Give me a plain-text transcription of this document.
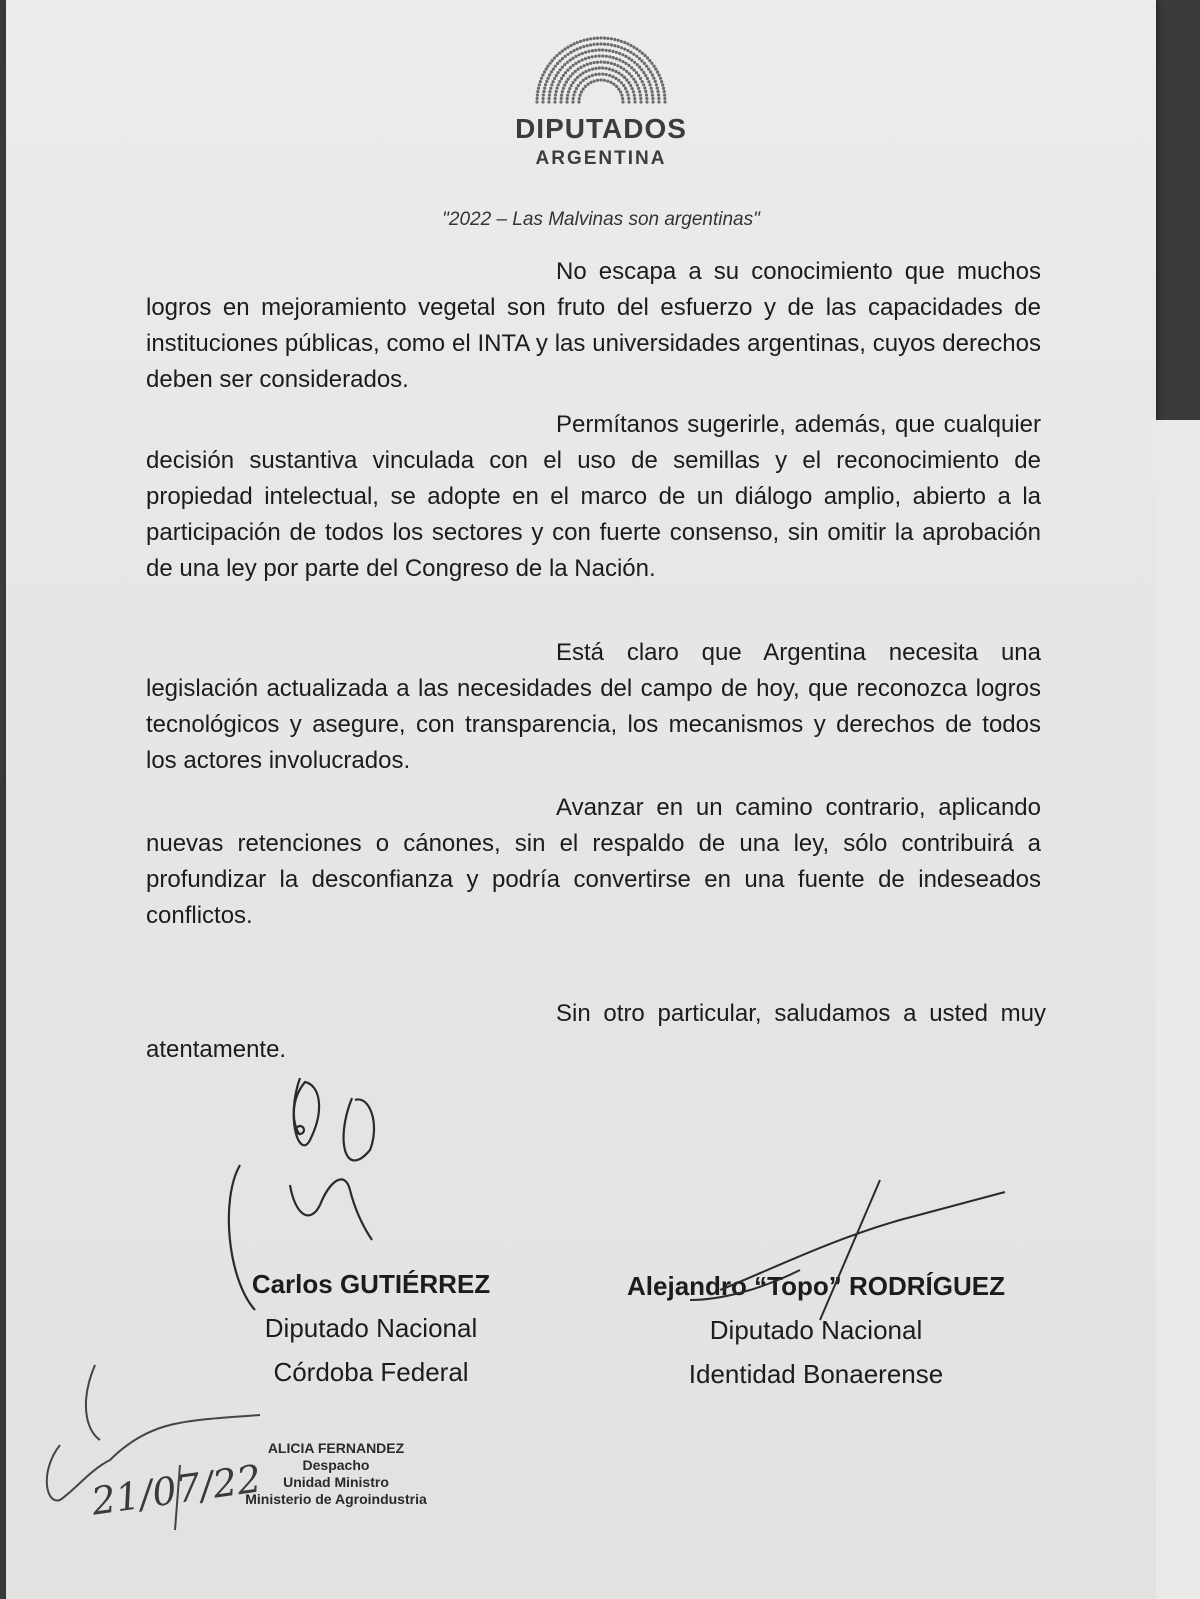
DIPUTADOS
ARGENTINA
"2022 – Las Malvinas son argentinas"

No escapa a su conocimiento que muchos logros en mejoramiento vegetal son fruto del esfuerzo y de las capacidades de instituciones públicas, como el INTA y las universidades argentinas, cuyos derechos deben ser considerados.

Permítanos sugerirle, además, que cualquier decisión sustantiva vinculada con el uso de semillas y el reconocimiento de propiedad intelectual, se adopte en el marco de un diálogo amplio, abierto a la participación de todos los sectores y con fuerte consenso, sin omitir la aprobación de una ley por parte del Congreso de la Nación.

Está claro que Argentina necesita una legislación actualizada a las necesidades del campo de hoy, que reconozca logros tecnológicos y asegure, con transparencia, los mecanismos y derechos de todos los actores involucrados.

Avanzar en un camino contrario, aplicando nuevas retenciones o cánones, sin el respaldo de una ley, sólo contribuirá a profundizar la desconfianza y podría convertirse en una fuente de indeseados conflictos.

Sin otro particular, saludamos a usted muy atentamente.

Carlos GUTIÉRREZ
Diputado Nacional
Córdoba Federal
Alejandro “Topo” RODRÍGUEZ
Diputado Nacional
Identidad Bonaerense
ALICIA FERNANDEZ
Despacho
Unidad Ministro
Ministerio de Agroindustria
21/07/22
